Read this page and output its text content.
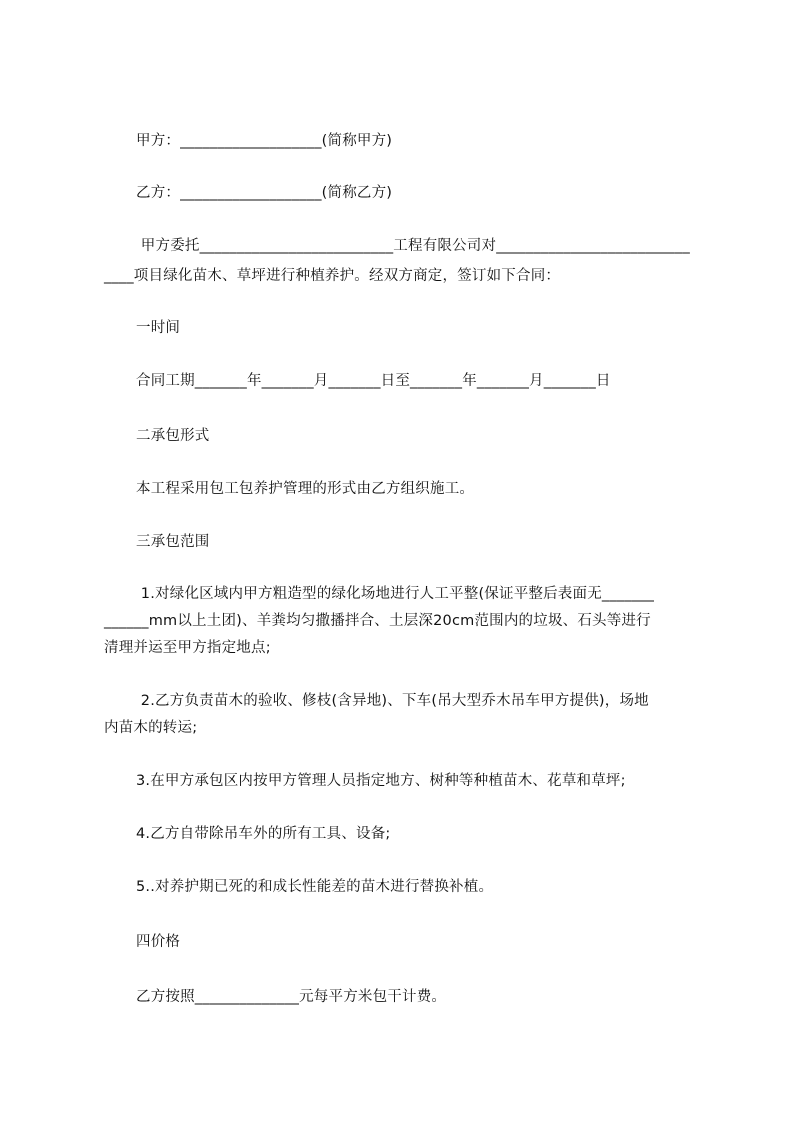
甲方：___________________(简称甲方)
乙方：___________________(简称乙方)
甲方委托__________________________工程有限公司对__________________________
____项目绿化苗木、草坪进行种植养护。经双方商定，签订如下合同：
一时间
合同工期_______年_______月_______日至_______年_______月_______日
二承包形式
本工程采用包工包养护管理的形式由乙方组织施工。
三承包范围
1.对绿化区域内甲方粗造型的绿化场地进行人工平整(保证平整后表面无_______
______mm以上土团)、羊粪均匀撒播拌合、土层深20cm范围内的垃圾、石头等进行
清理并运至甲方指定地点;
2.乙方负责苗木的验收、修枝(含异地)、下车(吊大型乔木吊车甲方提供)，场地
内苗木的转运;
3.在甲方承包区内按甲方管理人员指定地方、树种等种植苗木、花草和草坪;
4.乙方自带除吊车外的所有工具、设备;
5..对养护期已死的和成长性能差的苗木进行替换补植。
四价格
乙方按照______________元每平方米包干计费。
